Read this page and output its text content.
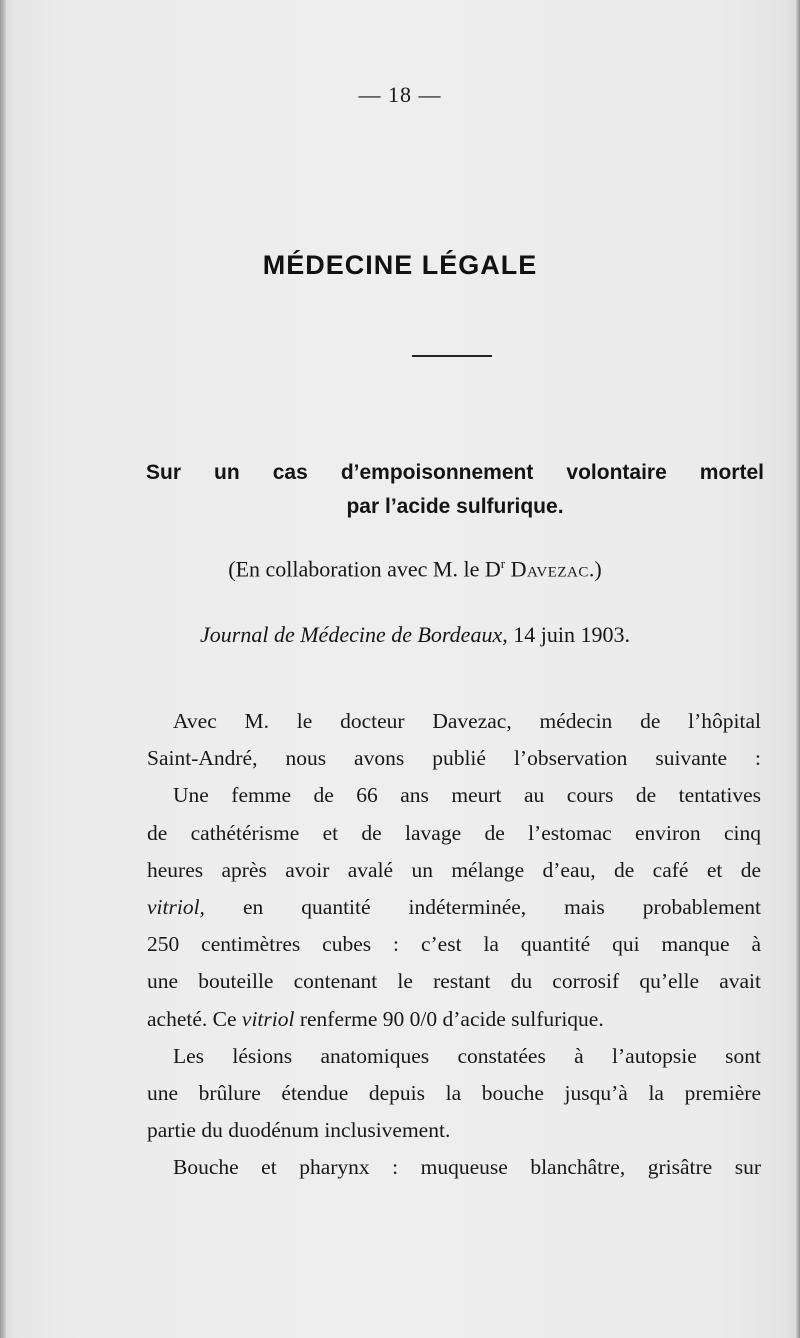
— 18 —
MÉDECINE LÉGALE
Sur un cas d’empoisonnement volontaire mortel
par l’acide sulfurique.
(En collaboration avec M. le $D^r$ Davezac.)
Journal de Médecine de Bordeaux, 14 juin 1903.
Avec M. le docteur Davezac, médecin de l’hôpital
Saint-André, nous avons publié l’observation suivante :
Une femme de 66 ans meurt au cours de tentatives
de cathétérisme et de lavage de l’estomac environ cinq
heures après avoir avalé un mélange d’eau, de café et de
vitriol, en quantité indéterminée, mais probablement
250 centimètres cubes : c’est la quantité qui manque à
une bouteille contenant le restant du corrosif qu’elle avait
acheté. Ce vitriol renferme 90 0/0 d’acide sulfurique.
Les lésions anatomiques constatées à l’autopsie sont
une brûlure étendue depuis la bouche jusqu’à la première
partie du duodénum inclusivement.
Bouche et pharynx : muqueuse blanchâtre, grisâtre sur
